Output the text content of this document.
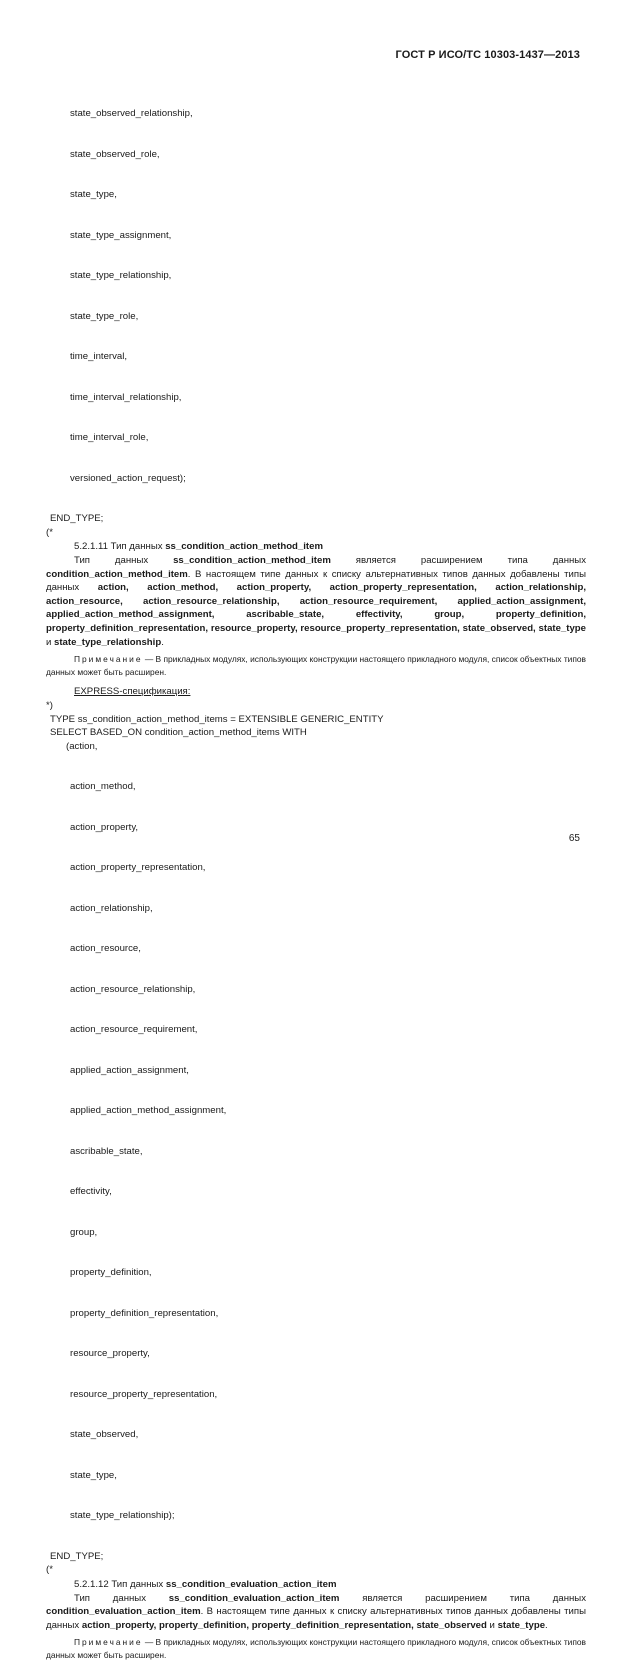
ГОСТ Р ИСО/ТС 10303-1437—2013

state_observed_relationship,

state_observed_role,

state_type,

state_type_assignment,

state_type_relationship,

state_type_role,

time_interval,

time_interval_relationship,

time_interval_role,

versioned_action_request);

END_TYPE;
(*
5.2.1.11 Тип данных ss_condition_action_method_item
Тип данных ss_condition_action_method_item является расширением типа данных condition_action_method_item. В настоящем типе данных к списку альтернативных типов данных добавлены типы данных action, action_method, action_property, action_property_representation, action_relationship, action_resource, action_resource_relationship, action_resource_requirement, applied_action_assignment, applied_action_method_assignment, ascribable_state, effectivity, group, property_definition, property_definition_representation, resource_property, resource_property_representation, state_observed, state_type и state_type_relationship.
Примечание — В прикладных модулях, использующих конструкции настоящего прикладного модуля, список объектных типов данных может быть расширен.
EXPRESS-спецификация:
*)
TYPE ss_condition_action_method_items = EXTENSIBLE GENERIC_ENTITY
SELECT BASED_ON condition_action_method_items WITH
(action,

action_method,

action_property,

action_property_representation,

action_relationship,

action_resource,

action_resource_relationship,

action_resource_requirement,

applied_action_assignment,

applied_action_method_assignment,

ascribable_state,

effectivity,

group,

property_definition,

property_definition_representation,

resource_property,

resource_property_representation,

state_observed,

state_type,

state_type_relationship);

END_TYPE;
(*
5.2.1.12 Тип данных ss_condition_evaluation_action_item
Тип данных ss_condition_evaluation_action_item является расширением типа данных condition_evaluation_action_item. В настоящем типе данных к списку альтернативных типов данных добавлены типы данных action_property, property_definition, property_definition_representation, state_observed и state_type.
Примечание — В прикладных модулях, использующих конструкции настоящего прикладного модуля, список объектных типов данных может быть расширен.
65
